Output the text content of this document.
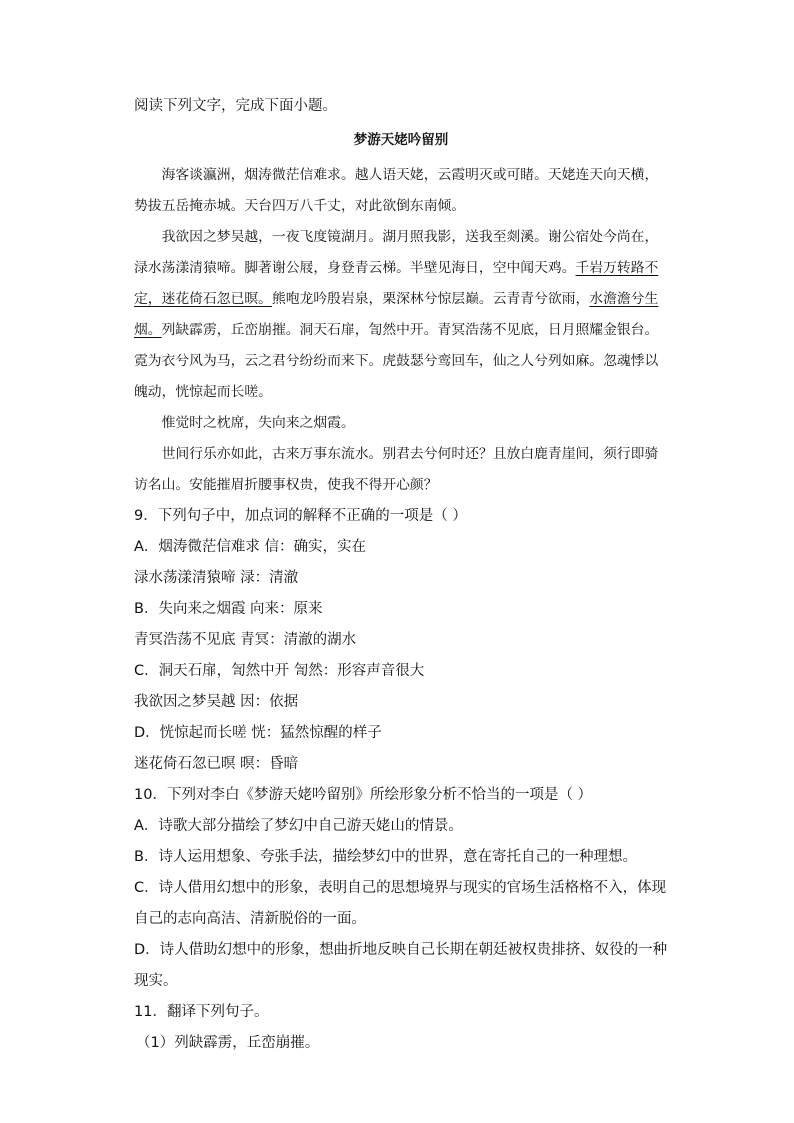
阅读下列文字，完成下面小题。

梦游天姥吟留别

海客谈瀛洲，烟涛微茫信难求。越人语天姥，云霞明灭或可睹。天姥连天向天横，势拔五岳掩赤城。天台四万八千丈，对此欲倒东南倾。

我欲因之梦吴越，一夜飞度镜湖月。湖月照我影，送我至剡溪。谢公宿处今尚在，渌水荡漾清猿啼。脚著谢公屐，身登青云梯。半壁见海日，空中闻天鸡。千岩万转路不定，迷花倚石忽已暝。熊咆龙吟殷岩泉，栗深林兮惊层巅。云青青兮欲雨，水澹澹兮生烟。列缺霹雳，丘峦崩摧。洞天石扉，訇然中开。青冥浩荡不见底，日月照耀金银台。霓为衣兮风为马，云之君兮纷纷而来下。虎鼓瑟兮鸾回车，仙之人兮列如麻。忽魂悸以魄动，恍惊起而长嗟。

惟觉时之枕席，失向来之烟霞。

世间行乐亦如此，古来万事东流水。别君去兮何时还？且放白鹿青崖间，须行即骑访名山。安能摧眉折腰事权贵，使我不得开心颜？

9．下列句子中，加点词的解释不正确的一项是（ ）

A．烟涛微茫信难求 信：确实，实在

渌水荡漾清猿啼 渌：清澈

B．失向来之烟霞 向来：原来

青冥浩荡不见底 青冥：清澈的湖水

C．洞天石扉，訇然中开 訇然：形容声音很大

我欲因之梦吴越 因：依据

D．恍惊起而长嗟 恍：猛然惊醒的样子

迷花倚石忽已暝 暝：昏暗

10．下列对李白《梦游天姥吟留别》所绘形象分析不恰当的一项是（ ）

A．诗歌大部分描绘了梦幻中自己游天姥山的情景。

B．诗人运用想象、夸张手法，描绘梦幻中的世界，意在寄托自己的一种理想。

C．诗人借用幻想中的形象，表明自己的思想境界与现实的官场生活格格不入，体现自己的志向高洁、清新脱俗的一面。

D．诗人借助幻想中的形象，想曲折地反映自己长期在朝廷被权贵排挤、奴役的一种现实。

11．翻译下列句子。

（1）列缺霹雳，丘峦崩摧。
